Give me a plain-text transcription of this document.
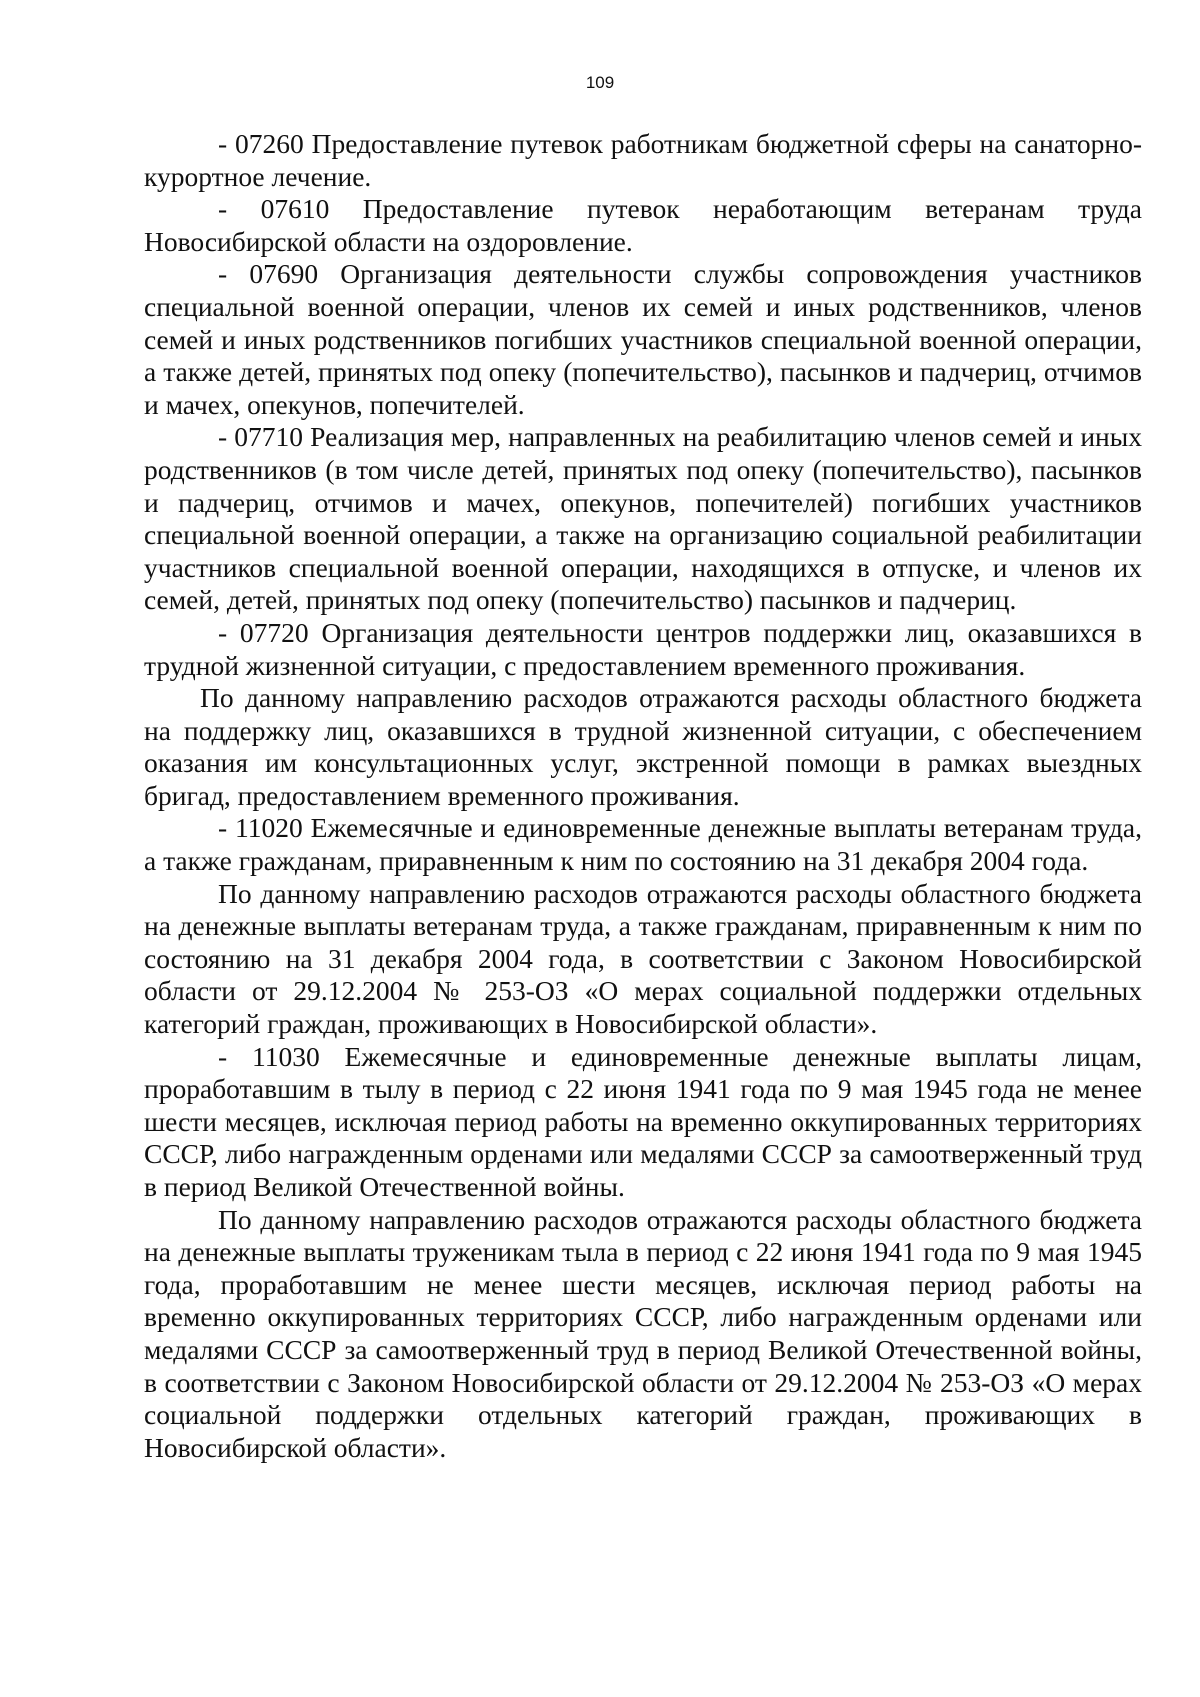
109

- 07260 Предоставление путевок работникам бюджетной сферы на санаторно-курортное лечение.

- 07610 Предоставление путевок неработающим ветеранам труда Новосибирской области на оздоровление.

- 07690 Организация деятельности службы сопровождения участников специальной военной операции, членов их семей и иных родственников, членов семей и иных родственников погибших участников специальной военной операции, а также детей, принятых под опеку (попечительство), пасынков и падчериц, отчимов и мачех, опекунов, попечителей.

- 07710 Реализация мер, направленных на реабилитацию членов семей и иных родственников (в том числе детей, принятых под опеку (попечительство), пасынков и падчериц, отчимов и мачех, опекунов, попечителей) погибших участников специальной военной операции, а также на организацию социальной реабилитации участников специальной военной операции, находящихся в отпуске, и членов их семей, детей, принятых под опеку (попечительство) пасынков и падчериц.

- 07720 Организация деятельности центров поддержки лиц, оказавшихся в трудной жизненной ситуации, с предоставлением временного проживания.

По данному направлению расходов отражаются расходы областного бюджета на поддержку лиц, оказавшихся в трудной жизненной ситуации, с обеспечением оказания им консультационных услуг, экстренной помощи в рамках выездных бригад, предоставлением временного проживания.

- 11020 Ежемесячные и единовременные денежные выплаты ветеранам труда, а также гражданам, приравненным к ним по состоянию на 31 декабря 2004 года.

По данному направлению расходов отражаются расходы областного бюджета на денежные выплаты ветеранам труда, а также гражданам, приравненным к ним по состоянию на 31 декабря 2004 года, в соответствии с Законом Новосибирской области от 29.12.2004 № 253-ОЗ «О мерах социальной поддержки отдельных категорий граждан, проживающих в Новосибирской области».

- 11030 Ежемесячные и единовременные денежные выплаты лицам, проработавшим в тылу в период с 22 июня 1941 года по 9 мая 1945 года не менее шести месяцев, исключая период работы на временно оккупированных территориях СССР, либо награжденным орденами или медалями СССР за самоотверженный труд в период Великой Отечественной войны.

По данному направлению расходов отражаются расходы областного бюджета на денежные выплаты труженикам тыла в период с 22 июня 1941 года по 9 мая 1945 года, проработавшим не менее шести месяцев, исключая период работы на временно оккупированных территориях СССР, либо награжденным орденами или медалями СССР за самоотверженный труд в период Великой Отечественной войны, в соответствии с Законом Новосибирской области от 29.12.2004 № 253-ОЗ «О мерах социальной поддержки отдельных категорий граждан, проживающих в Новосибирской области».
